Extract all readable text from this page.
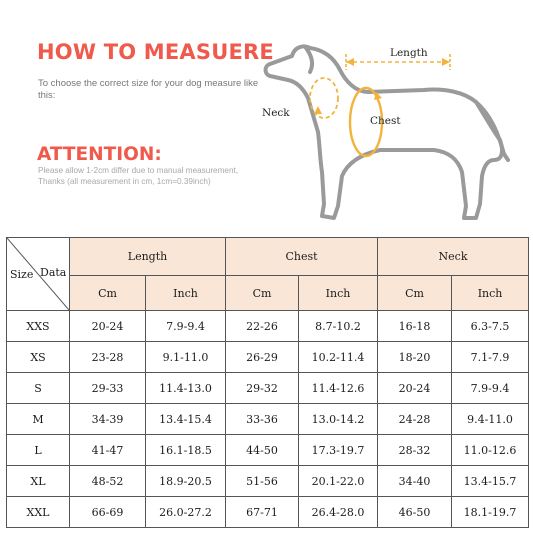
HOW TO MEASUERE
To choose the correct size for your dog measure like this:
ATTENTION:
Please allow 1-2cm differ due to manual measurement,
Thanks (all measurement in cm, 1cm=0.39inch)
Length
Neck
Chest
Size Data	Length		Chest		Neck	
	Cm	Inch	Cm	Inch	Cm	Inch
XXS	20-24	7.9-9.4	22-26	8.7-10.2	16-18	6.3-7.5
XS	23-28	9.1-11.0	26-29	10.2-11.4	18-20	7.1-7.9
S	29-33	11.4-13.0	29-32	11.4-12.6	20-24	7.9-9.4
M	34-39	13.4-15.4	33-36	13.0-14.2	24-28	9.4-11.0
L	41-47	16.1-18.5	44-50	17.3-19.7	28-32	11.0-12.6
XL	48-52	18.9-20.5	51-56	20.1-22.0	34-40	13.4-15.7
XXL	66-69	26.0-27.2	67-71	26.4-28.0	46-50	18.1-19.7
